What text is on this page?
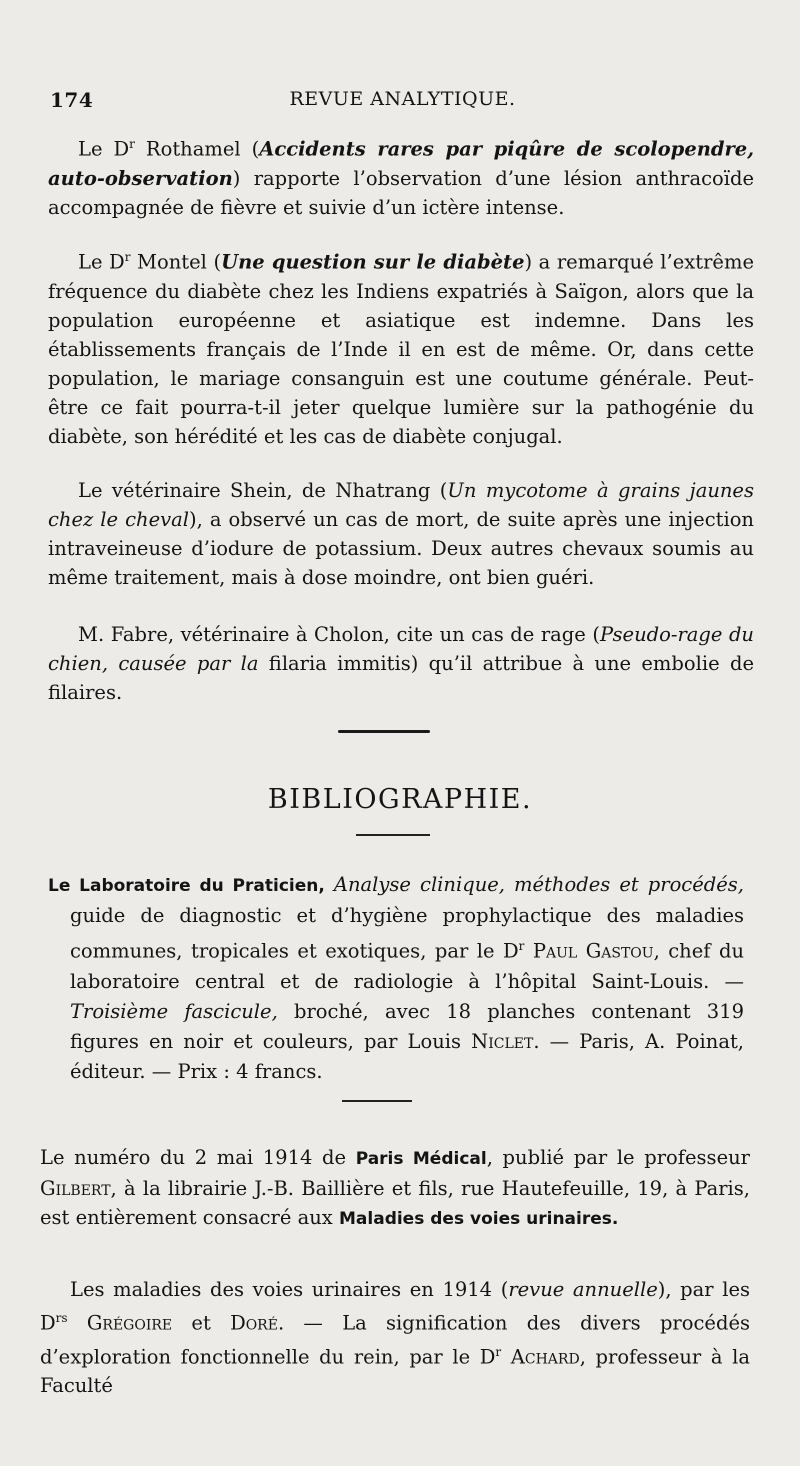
174	REVUE ANALYTIQUE.

Le $D^r$ Rothamel (Accidents rares par piqûre de scolopendre, auto-observation) rapporte l’observation d’une lésion anthracoïde accompagnée de fièvre et suivie d’un ictère intense.

Le $D^r$ Montel (Une question sur le diabète) a remarqué l’extrême fréquence du diabète chez les Indiens expatriés à Saïgon, alors que la population européenne et asiatique est indemne. Dans les établissements français de l’Inde il en est de même. Or, dans cette population, le mariage consanguin est une coutume générale. Peut-être ce fait pourra-t-il jeter quelque lumière sur la pathogénie du diabète, son hérédité et les cas de diabète conjugal.

Le vétérinaire Shein, de Nhatrang (Un mycotome à grains jaunes chez le cheval), a observé un cas de mort, de suite après une injection intraveineuse d’iodure de potassium. Deux autres chevaux soumis au même traitement, mais à dose moindre, ont bien guéri.

M. Fabre, vétérinaire à Cholon, cite un cas de rage (Pseudo-rage du chien, causée par la filaria immitis) qu’il attribue à une embolie de filaires.

BIBLIOGRAPHIE.

Le Laboratoire du Praticien, Analyse clinique, méthodes et procédés, guide de diagnostic et d’hygiène prophylactique des maladies communes, tropicales et exotiques, par le $D^r$ Paul Gastou, chef du laboratoire central et de radiologie à l’hôpital Saint-Louis. — Troisième fascicule, broché, avec 18 planches contenant 319 figures en noir et couleurs, par Louis Niclet. — Paris, A. Poinat, éditeur. — Prix : 4 francs.

Le numéro du 2 mai 1914 de Paris Médical, publié par le professeur Gilbert, à la librairie J.-B. Baillière et fils, rue Hautefeuille, 19, à Paris, est entièrement consacré aux Maladies des voies urinaires.

Les maladies des voies urinaires en 1914 (revue annuelle), par les $D^{rs}$ Grégoire et Doré. — La signification des divers procédés d’exploration fonctionnelle du rein, par le $D^r$ Achard, professeur à la Faculté
